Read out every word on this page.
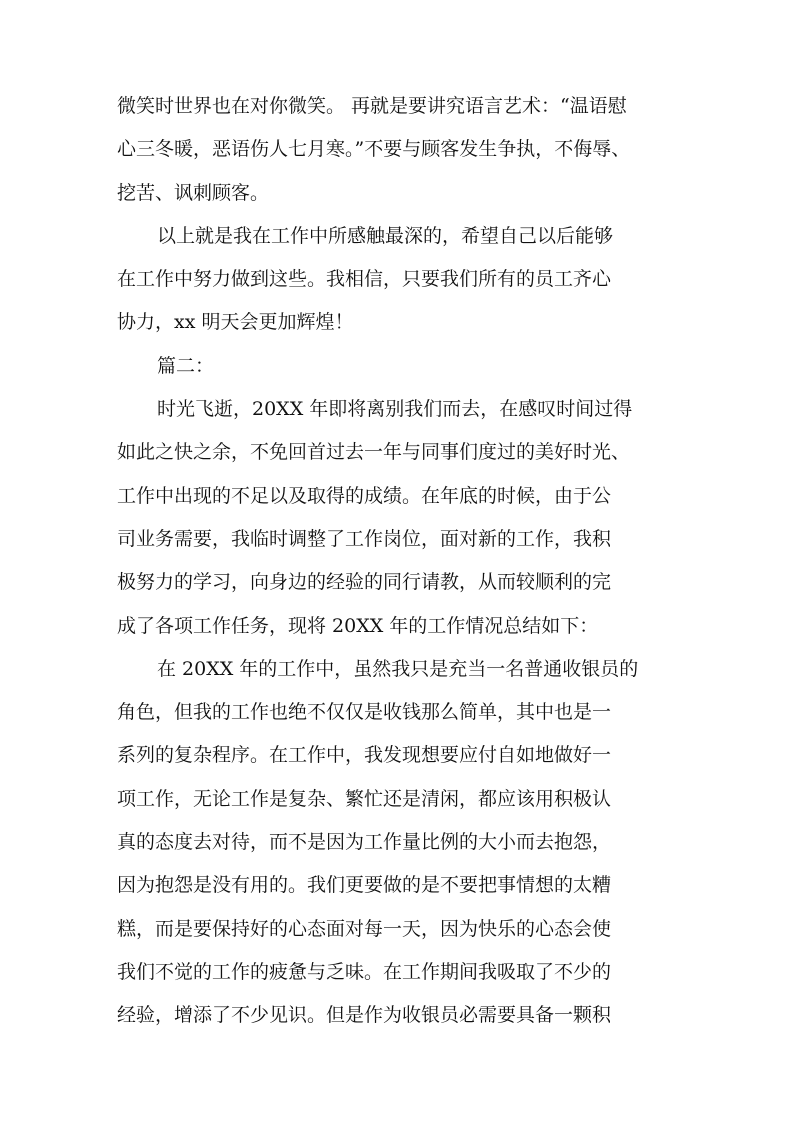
微笑时世界也在对你微笑。 再就是要讲究语言艺术：“温语慰
心三冬暖，恶语伤人七月寒。”不要与顾客发生争执，不侮辱、
挖苦、讽刺顾客。
以上就是我在工作中所感触最深的，希望自己以后能够
在工作中努力做到这些。我相信，只要我们所有的员工齐心
协力，xx 明天会更加辉煌！
篇二：
时光飞逝，20XX 年即将离别我们而去，在感叹时间过得
如此之快之余，不免回首过去一年与同事们度过的美好时光、
工作中出现的不足以及取得的成绩。在年底的时候，由于公
司业务需要，我临时调整了工作岗位，面对新的工作，我积
极努力的学习，向身边的经验的同行请教，从而较顺利的完
成了各项工作任务，现将 20XX 年的工作情况总结如下：
在 20XX 年的工作中，虽然我只是充当一名普通收银员的
角色，但我的工作也绝不仅仅是收钱那么简单，其中也是一
系列的复杂程序。在工作中，我发现想要应付自如地做好一
项工作，无论工作是复杂、繁忙还是清闲，都应该用积极认
真的态度去对待，而不是因为工作量比例的大小而去抱怨，
因为抱怨是没有用的。我们更要做的是不要把事情想的太糟
糕，而是要保持好的心态面对每一天，因为快乐的心态会使
我们不觉的工作的疲惫与乏味。在工作期间我吸取了不少的
经验，增添了不少见识。但是作为收银员必需要具备一颗积
